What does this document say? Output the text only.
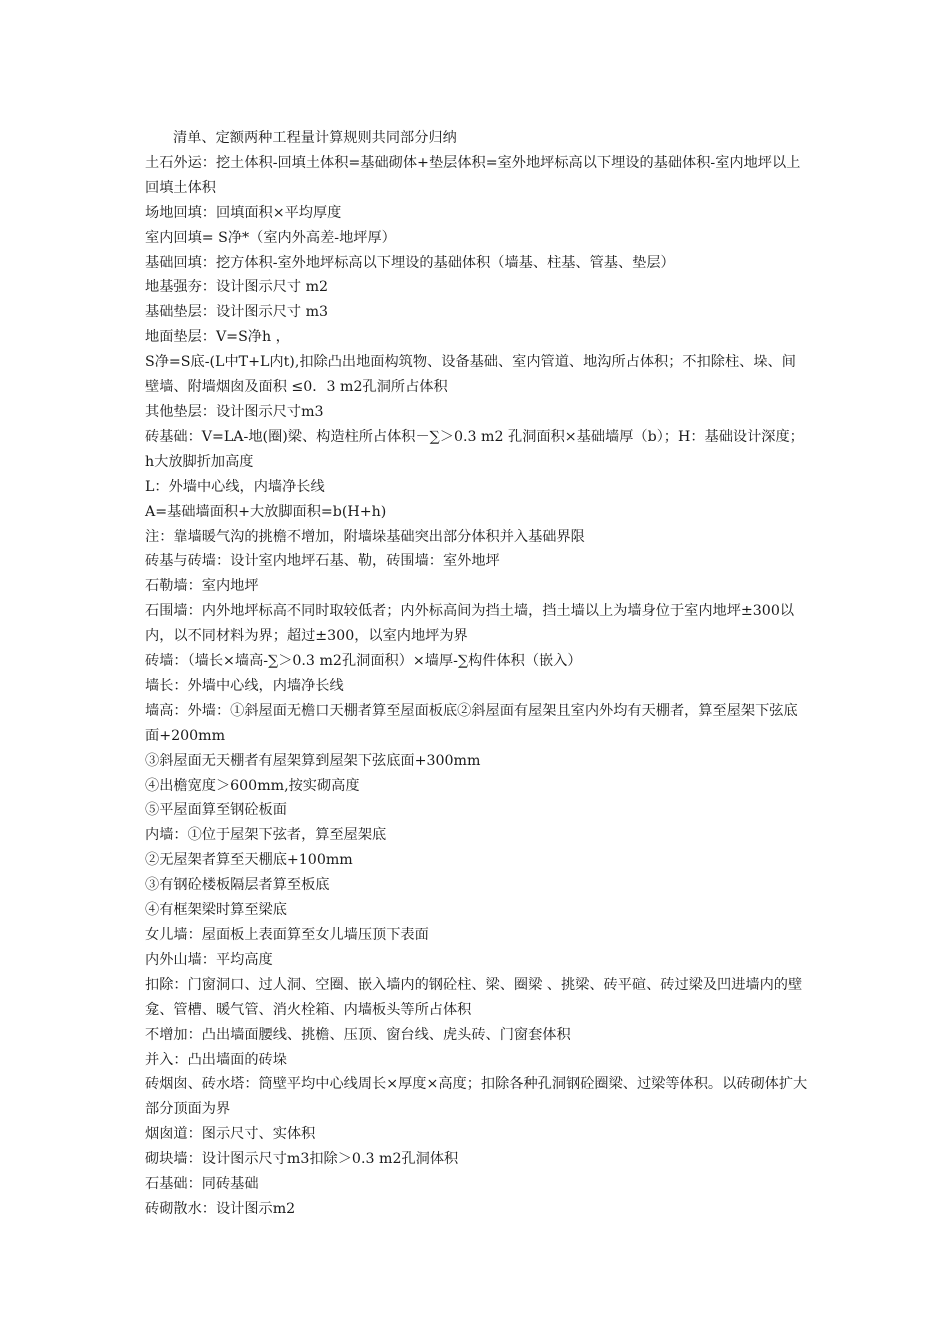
清单、定额两种工程量计算规则共同部分归纳

土石外运：挖土体积-回填土体积=基础砌体+垫层体积=室外地坪标高以下埋设的基础体积-室内地坪以上回填土体积

场地回填：回填面积×平均厚度

室内回填= S净*（室内外高差-地坪厚）

基础回填：挖方体积-室外地坪标高以下埋设的基础体积（墙基、柱基、管基、垫层）

地基强夯：设计图示尺寸 m2

基础垫层：设计图示尺寸 m3

地面垫层：V=S净h ，

S净=S底-(L中T+L内t),扣除凸出地面构筑物、设备基础、室内管道、地沟所占体积；不扣除柱、垛、间壁墙、附墙烟囱及面积 ≤0．3 m2孔洞所占体积

其他垫层：设计图示尺寸m3

砖基础：V=LA-地(圈)梁、构造柱所占体积－∑＞0.3 m2 孔洞面积×基础墙厚（b）；H：基础设计深度；h大放脚折加高度

L：外墙中心线，内墙净长线

A=基础墙面积+大放脚面积=b(H+h)

注：靠墙暖气沟的挑檐不增加，附墙垛基础突出部分体积并入基础界限

砖基与砖墙：设计室内地坪石基、勒，砖围墙：室外地坪

石勒墙：室内地坪

石围墙：内外地坪标高不同时取较低者；内外标高间为挡土墙，挡土墙以上为墙身位于室内地坪±300以内，以不同材料为界；超过±300，以室内地坪为界

砖墙：（墙长×墙高-∑＞0.3 m2孔洞面积）×墙厚-∑构件体积（嵌入）

墙长：外墙中心线，内墙净长线

墙高：外墙：①斜屋面无檐口天棚者算至屋面板底②斜屋面有屋架且室内外均有天棚者，算至屋架下弦底面+200mm

③斜屋面无天棚者有屋架算到屋架下弦底面+300mm

④出檐宽度＞600mm,按实砌高度

⑤平屋面算至钢砼板面

内墙：①位于屋架下弦者，算至屋架底

②无屋架者算至天棚底+100mm

③有钢砼楼板隔层者算至板底

④有框架梁时算至梁底

女儿墙：屋面板上表面算至女儿墙压顶下表面

内外山墙：平均高度

扣除：门窗洞口、过人洞、空圈、嵌入墙内的钢砼柱、梁、圈梁 、挑梁、砖平碹、砖过梁及凹进墙内的壁龛、管槽、暖气管、消火栓箱、内墙板头等所占体积

不增加：凸出墙面腰线、挑檐、压顶、窗台线、虎头砖、门窗套体积

并入：凸出墙面的砖垛

砖烟囱、砖水塔：筒壁平均中心线周长×厚度×高度；扣除各种孔洞钢砼圈梁、过梁等体积。以砖砌体扩大部分顶面为界

烟囱道：图示尺寸、实体积

砌块墙：设计图示尺寸m3扣除＞0.3 m2孔洞体积

石基础：同砖基础

砖砌散水：设计图示m2
